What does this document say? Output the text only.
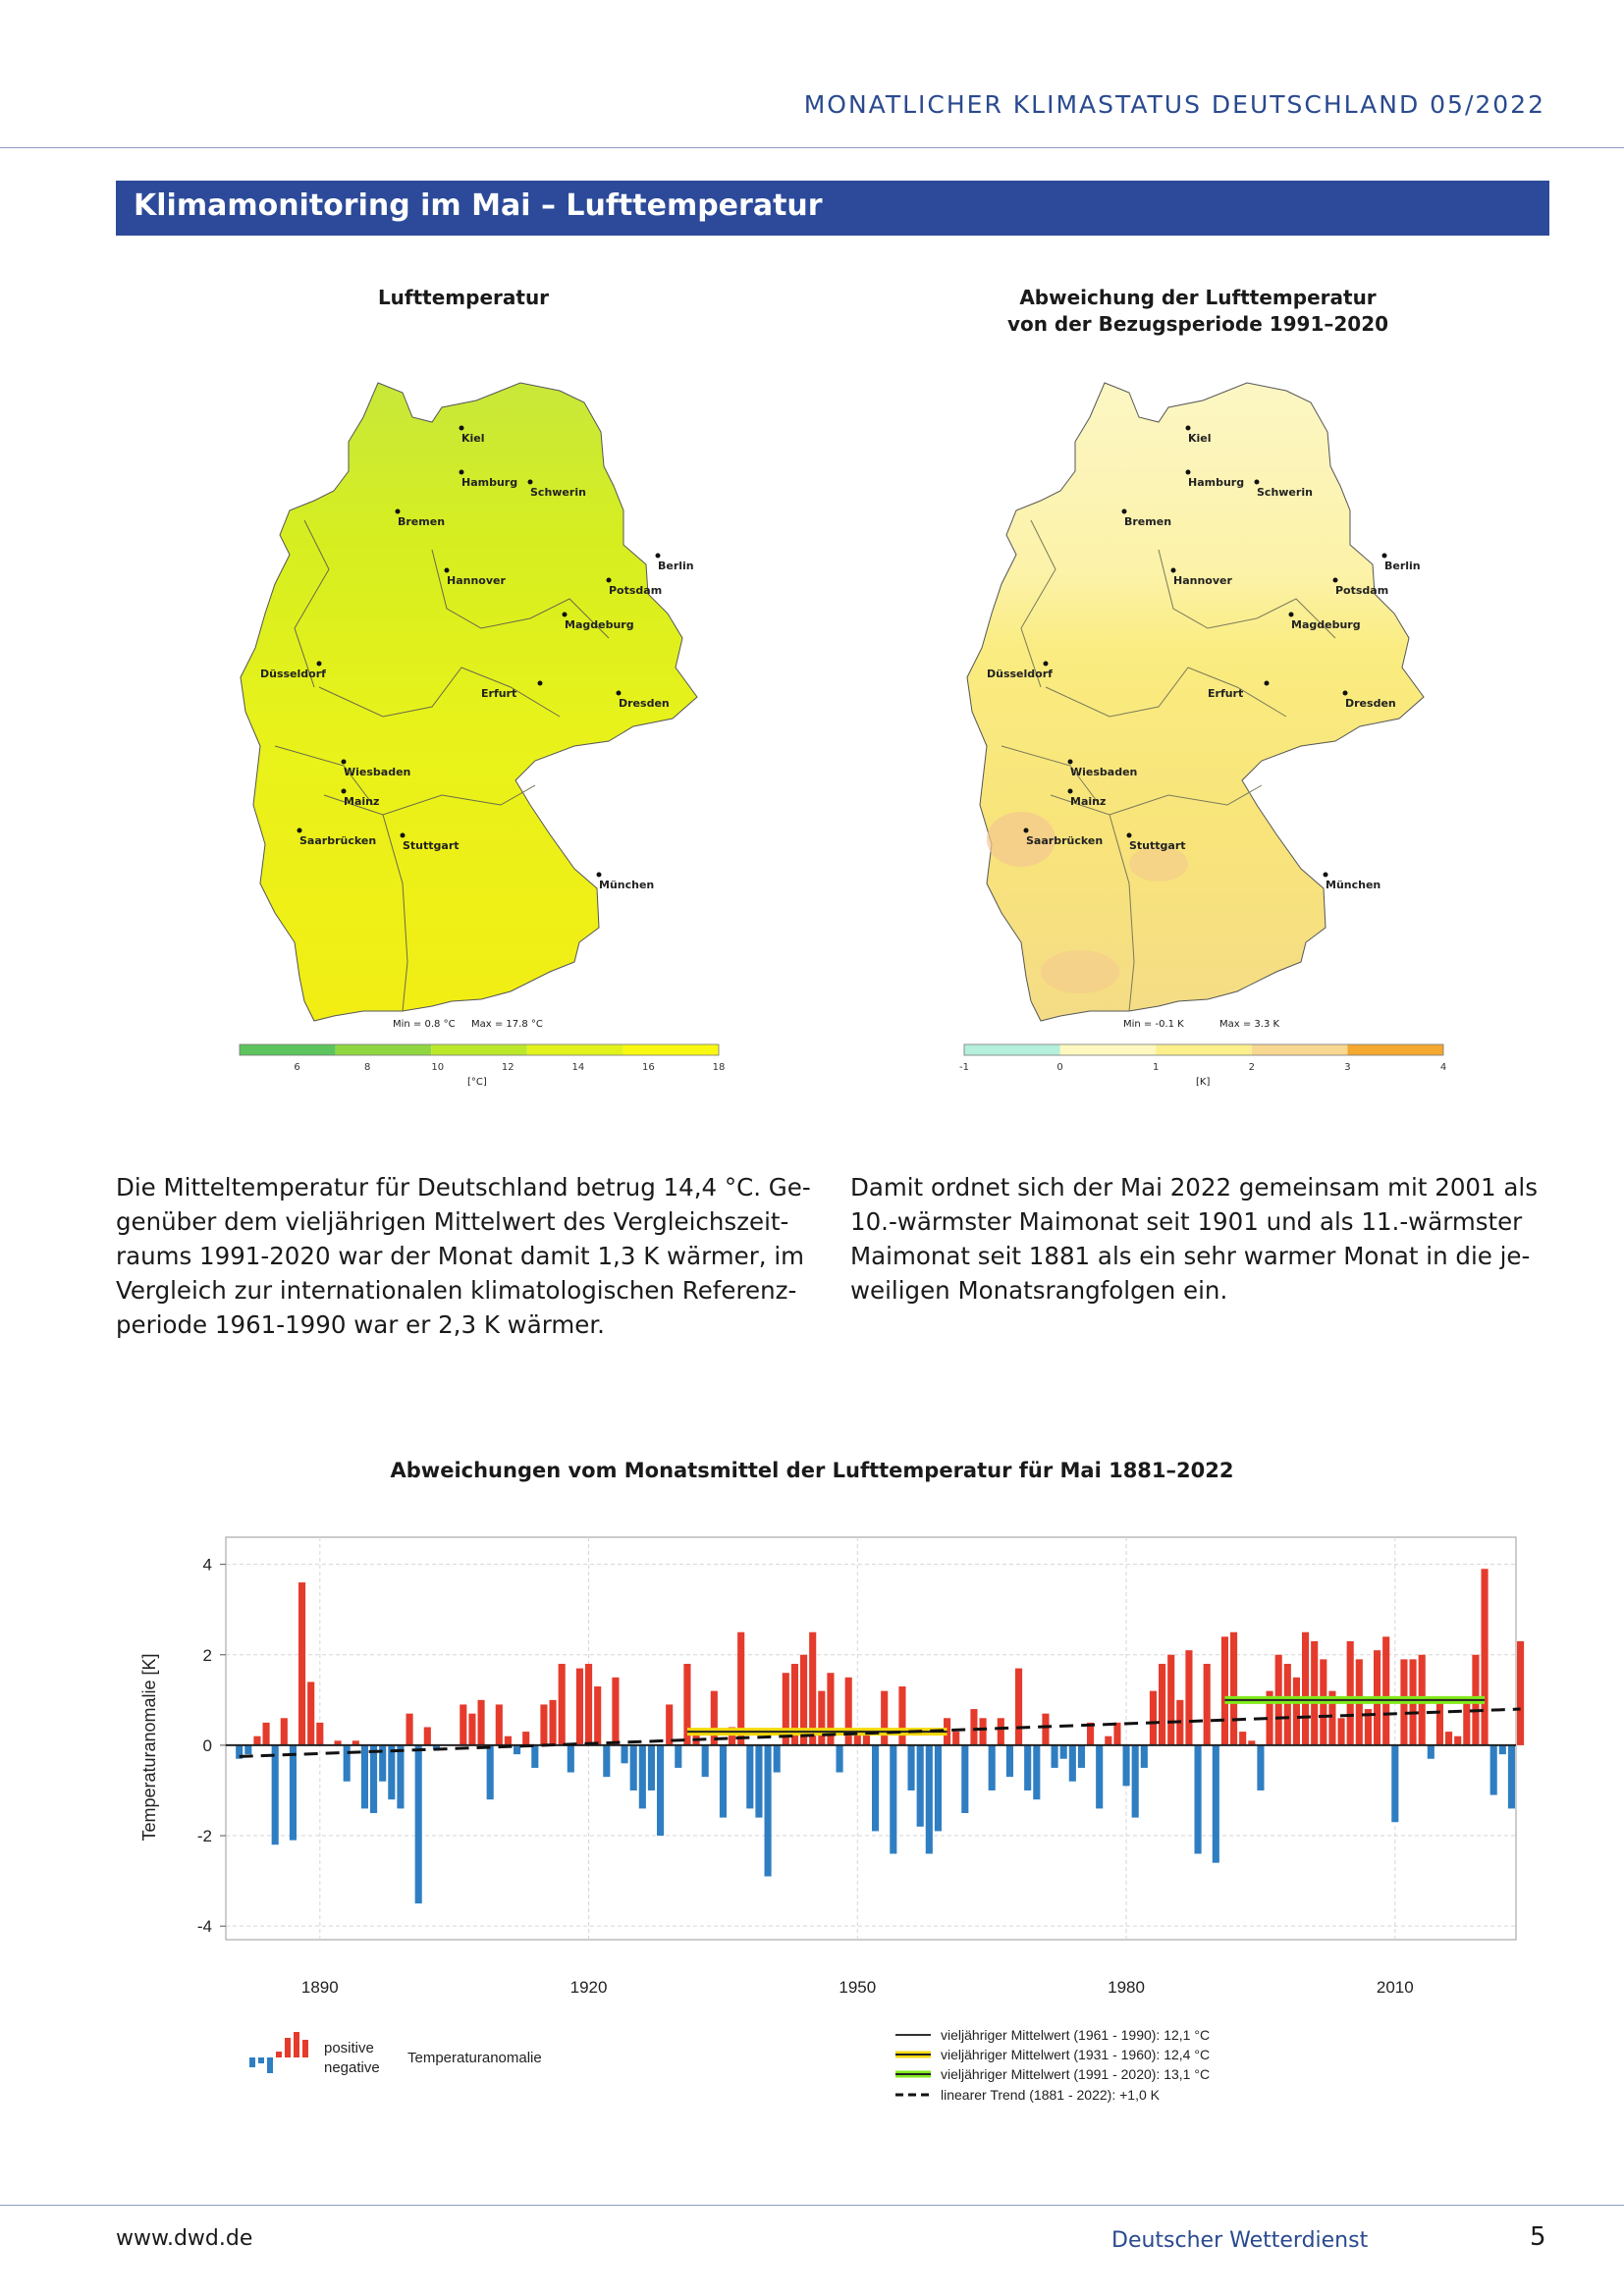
MONATLICHER KLIMASTATUS DEUTSCHLAND 05/2022
Klimamonitoring im Mai – Lufttemperatur
Lufttemperatur
Kiel
Hamburg
Schwerin
Bremen
Berlin
Hannover
Potsdam
Magdeburg
Düsseldorf
Erfurt
Dresden
Wiesbaden
Mainz
Saarbrücken Stuttgart
München
Min = 0.8 °C Max = 17.8 °C
6	8	10	12	14	16	18
[°C]
Abweichung der Lufttemperatur
von der Bezugsperiode 1991–2020
Kiel
Hamburg
Schwerin
Bremen
Berlin
Hannover
Potsdam
Magdeburg
Düsseldorf
Erfurt
Dresden
Wiesbaden
Mainz
Saarbrücken Stuttgart
München
Min = -0.1 K	Max = 3.3 K
-1	0	1	2	3	4
[K]
Die Mitteltemperatur für Deutschland betrug 14,4 °C. Ge-
genüber dem vieljährigen Mittelwert des Vergleichszeit-
raums 1991-2020 war der Monat damit 1,3 K wärmer, im
Vergleich zur internationalen klimatologischen Referenz-
periode 1961-1990 war er 2,3 K wärmer.
Damit ordnet sich der Mai 2022 gemeinsam mit 2001 als
10.-wärmster Maimonat seit 1901 und als 11.-wärmster
Maimonat seit 1881 als ein sehr warmer Monat in die je-
weiligen Monatsrangfolgen ein.
Abweichungen vom Monatsmittel der Lufttemperatur für Mai 1881–2022
-4
-2
0
2
4
1890	1920	1950	1980	2010
Temperaturanomalie [K]
positive
negative
Temperaturanomalie
vieljähriger Mittelwert (1961 - 1990): 12,1 °C
vieljähriger Mittelwert (1931 - 1960): 12,4 °C
vieljähriger Mittelwert (1991 - 2020): 13,1 °C
linearer Trend (1881 - 2022): +1,0 K
www.dwd.de	Deutscher Wetterdienst	5
